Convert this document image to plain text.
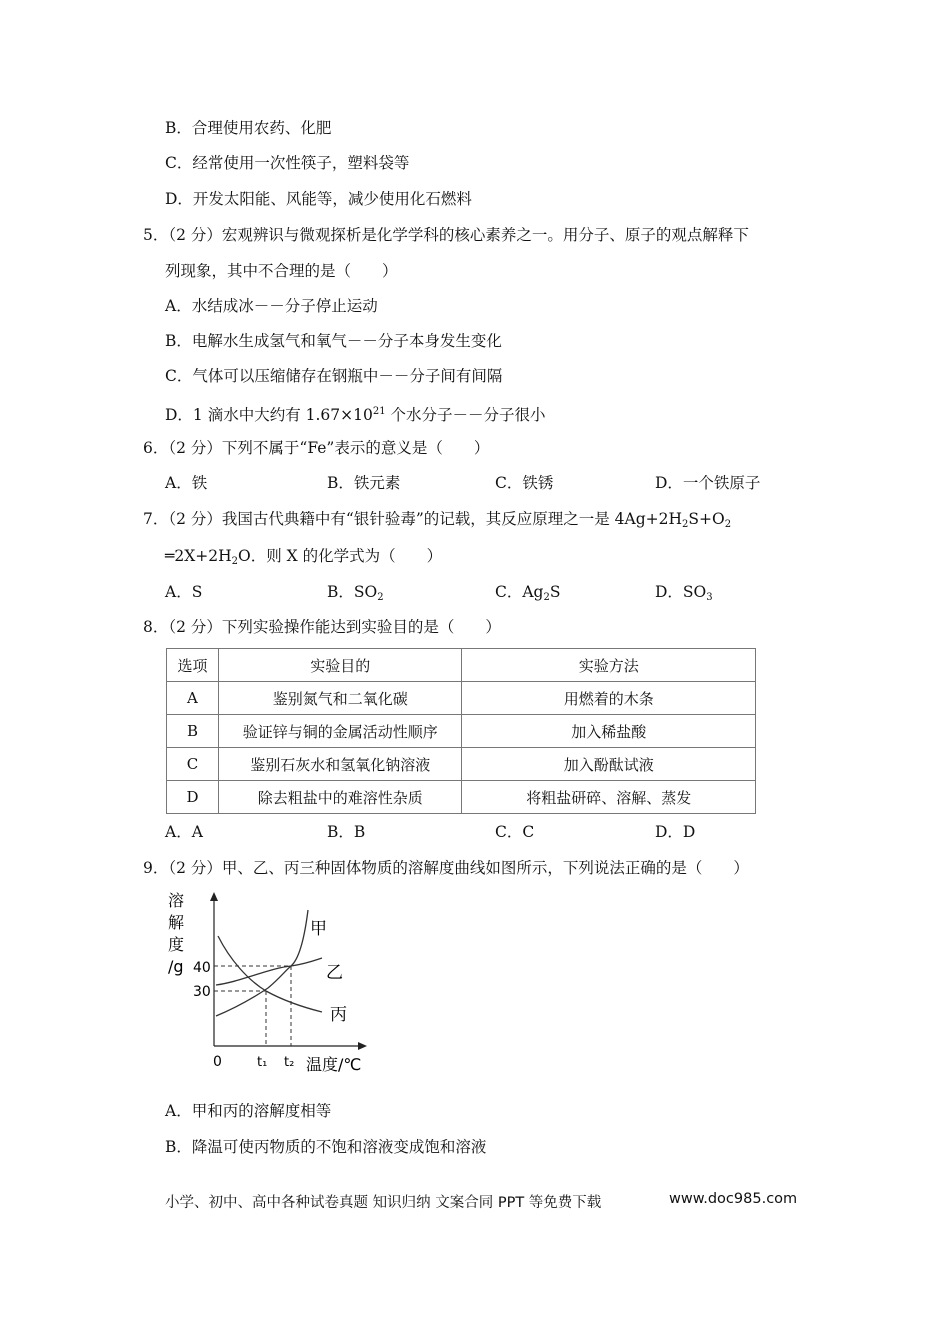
B．合理使用农药、化肥
C．经常使用一次性筷子，塑料袋等
D．开发太阳能、风能等，减少使用化石燃料
5．（2 分）宏观辨识与微观探析是化学学科的核心素养之一。用分子、原子的观点解释下
列现象，其中不合理的是（　　）
A．水结成冰－－分子停止运动
B．电解水生成氢气和氧气－－分子本身发生变化
C．气体可以压缩储存在钢瓶中－－分子间有间隔
D．1 滴水中大约有 $1.67\times 10^{21}$ 个水分子－－分子很小
6．（2 分）下列不属于“Fe”表示的意义是（　　）
A．铁	B．铁元素	C．铁锈	D．一个铁原子
7．（2 分）我国古代典籍中有“银针验毒”的记载，其反应原理之一是 $4Ag+2H_2S+O_2$
$═2X+2H_2O$．则 X 的化学式为（　　）
A．S	B．$SO_2$	C．$Ag_2S$	D．$SO_3$
8．（2 分）下列实验操作能达到实验目的是（　　）
选项	实验目的	实验方法
A	鉴别氮气和二氧化碳	用燃着的木条
B	验证锌与铜的金属活动性顺序	加入稀盐酸
C	鉴别石灰水和氢氧化钠溶液	加入酚酞试液
D	除去粗盐中的难溶性杂质	将粗盐研碎、溶解、蒸发
A．A	B．B	C．C	D．D
9．（2 分）甲、乙、丙三种固体物质的溶解度曲线如图所示，下列说法正确的是（　　）
溶
解
度
/g
甲
乙
丙
40
30
0	t₁ t₂ 温度/℃
A．甲和丙的溶解度相等
B．降温可使丙物质的不饱和溶液变成饱和溶液
小学、初中、高中各种试卷真题 知识归纳 文案合同 PPT 等免费下载	www.doc985.com
